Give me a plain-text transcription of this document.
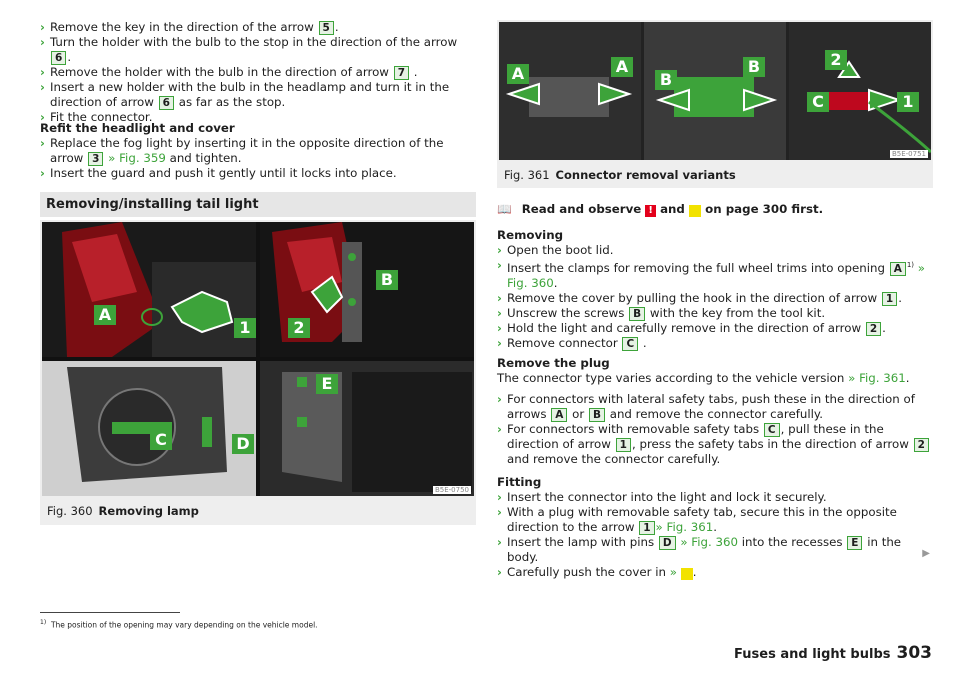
› Remove the key in the direction of the arrow 5 .
› Turn the holder with the bulb to the stop in the direction of the arrow 6 .
› Remove the holder with the bulb in the direction of arrow 7 .
› Insert a new holder with the bulb in the headlamp and turn it in the direction of arrow 6 as far as the stop.
› Fit the connector.
Refit the headlight and cover
› Replace the fog light by inserting it in the opposite direction of the arrow 3 » Fig. 359 and tighten.
› Insert the guard and push it gently until it locks into place.
Removing/installing tail light
A
1
B
2
E
C	D
B5E-0750
Fig. 360 Removing lamp
A	A
B
B	2
C	1
B5E-0751
Fig. 361 Connector removal variants
📖 Read and observe ! and   on page 300 first.
Removing
› Open the boot lid.
› Insert the clamps for removing the full wheel trims into opening A $^{1)}$ » Fig. 360.
› Remove the cover by pulling the hook in the direction of arrow 1 .
› Unscrew the screws B with the key from the tool kit.
› Hold the light and carefully remove in the direction of arrow 2 .
› Remove connector C .
Remove the plug
The connector type varies according to the vehicle version » Fig. 361.
› For connectors with lateral safety tabs, push these in the direction of arrows A or B and remove the connector carefully.
› For connectors with removable safety tabs C , pull these in the direction of arrow 1 , press the safety tabs in the direction of arrow 2 and remove the connector carefully.
Fitting
› Insert the connector into the light and lock it securely.
› With a plug with removable safety tab, secure this in the opposite direction to the arrow 1 » Fig. 361.
› Insert the lamp with pins D » Fig. 360 into the recesses E in the body.
› Carefully push the cover in »  .
▶
$^{1)}$ The position of the opening may vary depending on the vehicle model.
Fuses and light bulbs 303
